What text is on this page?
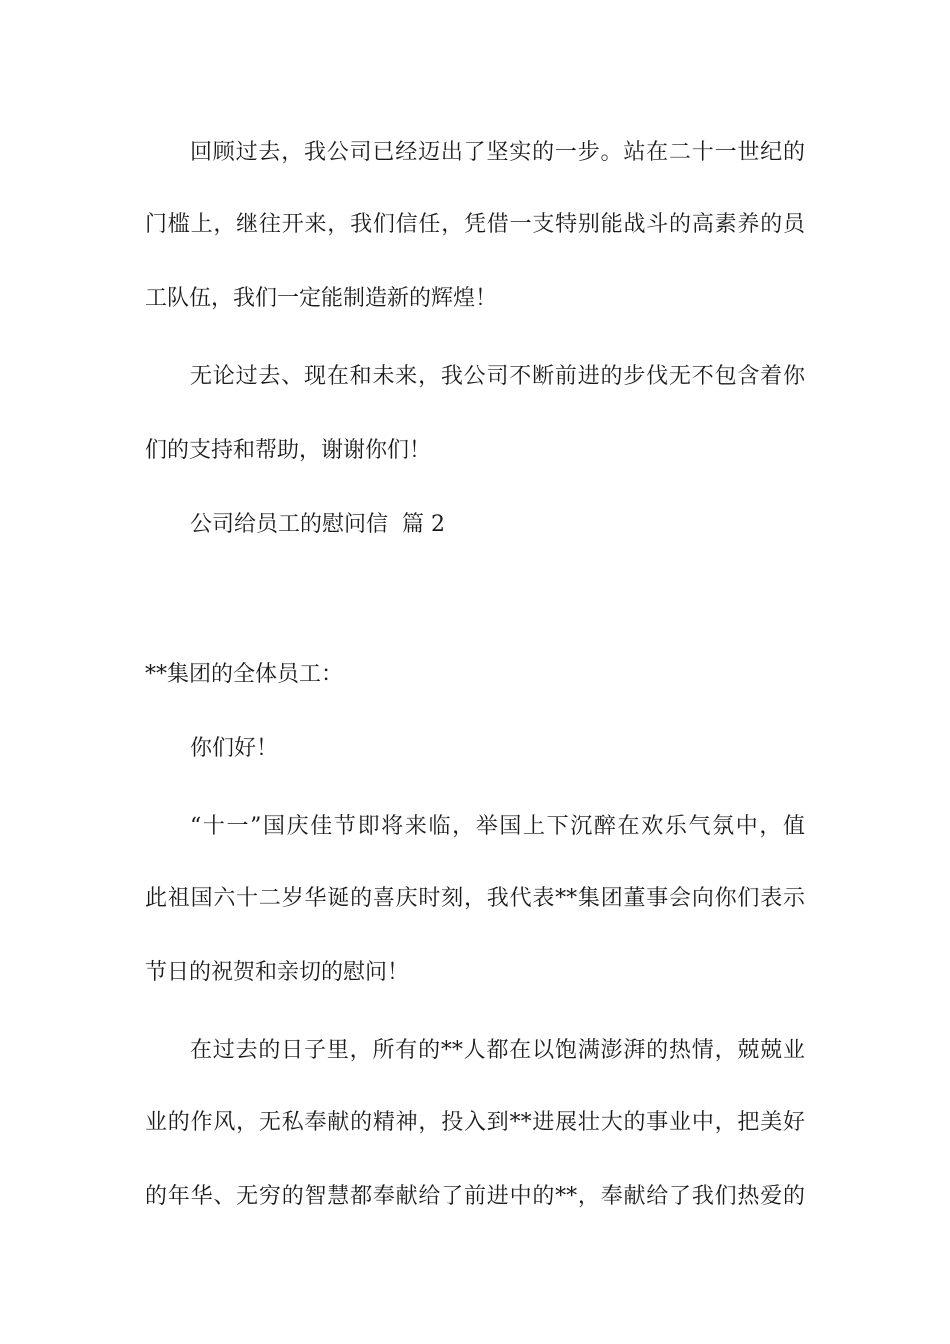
回顾过去，我公司已经迈出了坚实的一步。站在二十一世纪的
门槛上，继往开来，我们信任，凭借一支特别能战斗的高素养的员
工队伍，我们一定能制造新的辉煌！
无论过去、现在和未来，我公司不断前进的步伐无不包含着你
们的支持和帮助，谢谢你们！
公司给员工的慰问信  篇 2
**集团的全体员工：
你们好！
“十一”国庆佳节即将来临，举国上下沉醉在欢乐气氛中，值
此祖国六十二岁华诞的喜庆时刻，我代表**集团董事会向你们表示
节日的祝贺和亲切的慰问！
在过去的日子里，所有的**人都在以饱满澎湃的热情，兢兢业
业的作风，无私奉献的精神，投入到**进展壮大的事业中，把美好
的年华、无穷的智慧都奉献给了前进中的**，奉献给了我们热爱的
